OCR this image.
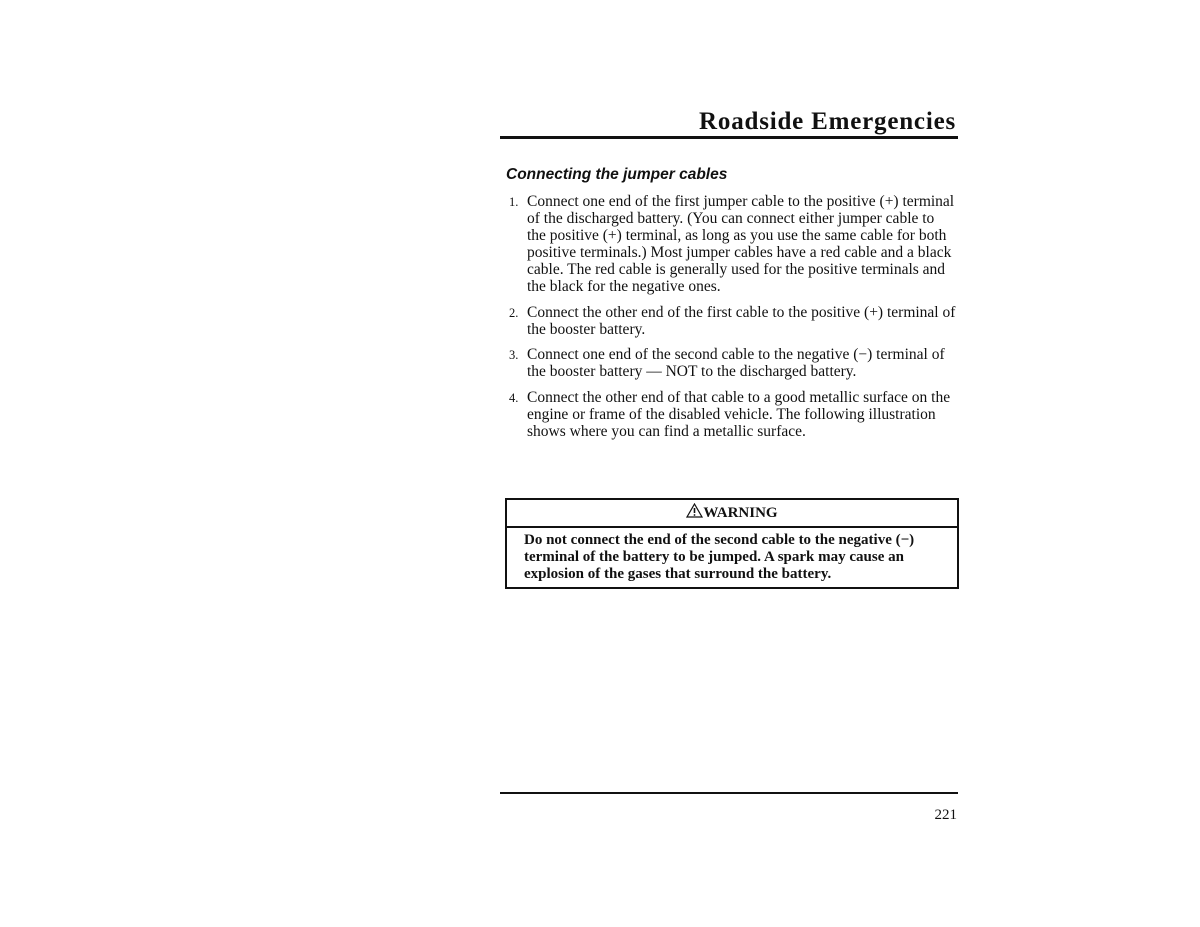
Roadside Emergencies
Connecting the jumper cables
1. Connect one end of the first jumper cable to the positive (+) terminal of the discharged battery. (You can connect either jumper cable to the positive (+) terminal, as long as you use the same cable for both positive terminals.) Most jumper cables have a red cable and a black cable. The red cable is generally used for the positive terminals and the black for the negative ones.
2. Connect the other end of the first cable to the positive (+) terminal of the booster battery.
3. Connect one end of the second cable to the negative (−) terminal of the booster battery — NOT to the discharged battery.
4. Connect the other end of that cable to a good metallic surface on the engine or frame of the disabled vehicle. The following illustration shows where you can find a metallic surface.
WARNING
Do not connect the end of the second cable to the negative (−) terminal of the battery to be jumped. A spark may cause an explosion of the gases that surround the battery.
221
